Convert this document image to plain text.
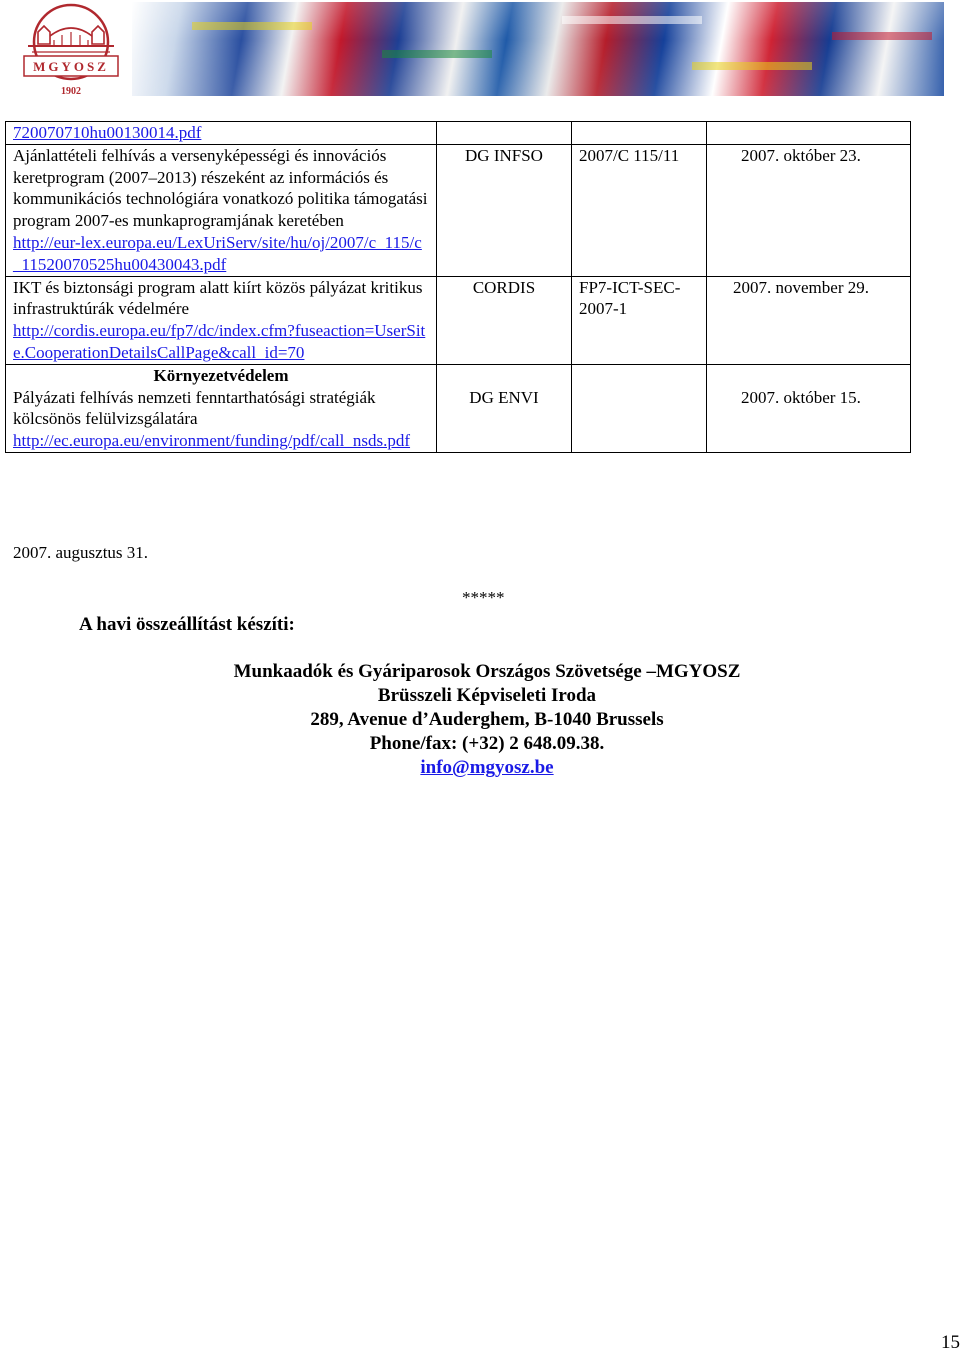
MGYOSZ
1902
720070710hu00130014.pdf			

Ajánlattételi felhívás a versenyképességi és innovációs keretprogram (2007–2013) részeként az információs és kommunikációs technológiára vonatkozó politika támogatási program 2007-es munkaprogramjának keretében
http://eur-lex.europa.eu/LexUriServ/site/hu/oj/2007/c_115/c_11520070525hu00430043.pdf	DG INFSO	2007/C 115/11	2007. október 23.

IKT és biztonsági program alatt kiírt közös pályázat kritikus infrastruktúrák védelmére
http://cordis.europa.eu/fp7/dc/index.cfm?fuseaction=UserSite.CooperationDetailsCallPage&call_id=70	CORDIS	FP7-ICT-SEC-2007-1	2007. november 29.
Környezetvédelem			

Pályázati felhívás nemzeti fenntarthatósági stratégiák kölcsönös felülvizsgálatára
http://ec.europa.eu/environment/funding/pdf/call_nsds.pdf	DG ENVI		2007. október 15.
2007. augusztus 31.
*****
A havi összeállítást készíti:
Munkaadók és Gyáriparosok Országos Szövetsége –MGYOSZ
Brüsszeli Képviseleti Iroda
289, Avenue d’Auderghem, B-1040 Brussels
Phone/fax: (+32) 2 648.09.38.
info@mgyosz.be
15
